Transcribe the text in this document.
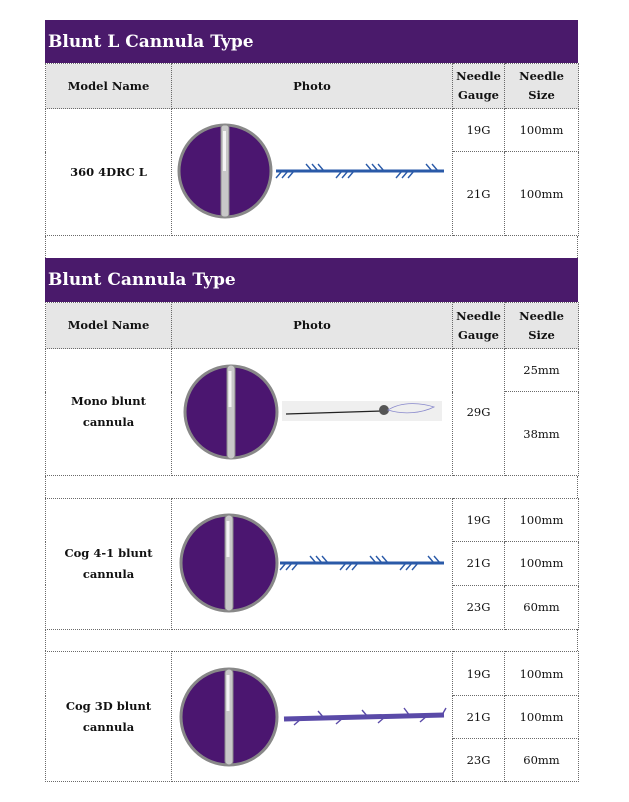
Blunt L Cannula Type
Model Name	Photo	Needle Gauge	Needle Size
360 4DRC L		19G	100mm
		21G	100mm
Blunt Cannula Type
Model Name	Photo	Needle Gauge	Needle Size
Mono blunt cannula		29G	25mm
			38mm
Cog 4-1 blunt cannula		19G	100mm
		21G	100mm
		23G	60mm
Cog 3D blunt cannula		19G	100mm
		21G	100mm
		23G	60mm
